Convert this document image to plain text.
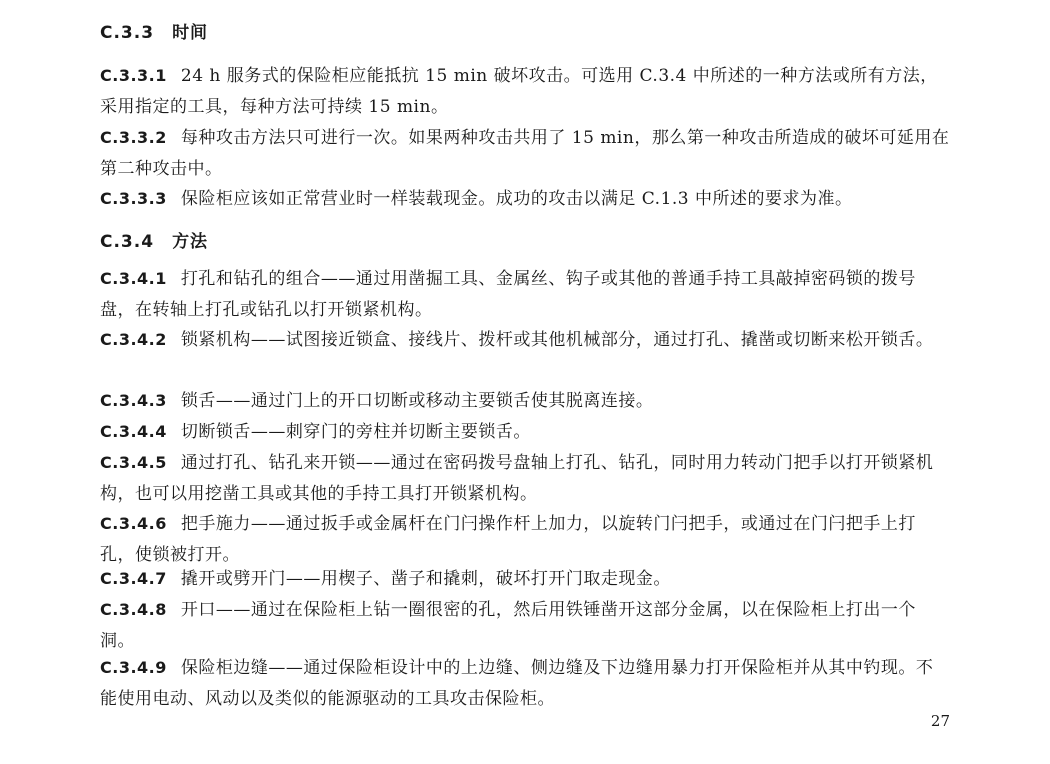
C.3.3 时间
C.3.3.1 24 h 服务式的保险柜应能抵抗 15 min 破坏攻击。可选用 C.3.4 中所述的一种方法或所有方法，采用指定的工具，每种方法可持续 15 min。
C.3.3.2 每种攻击方法只可进行一次。如果两种攻击共用了 15 min，那么第一种攻击所造成的破坏可延用在第二种攻击中。
C.3.3.3 保险柜应该如正常营业时一样装载现金。成功的攻击以满足 C.1.3 中所述的要求为准。
C.3.4 方法
C.3.4.1 打孔和钻孔的组合——通过用凿掘工具、金属丝、钩子或其他的普通手持工具敲掉密码锁的拨号盘，在转轴上打孔或钻孔以打开锁紧机构。
C.3.4.2 锁紧机构——试图接近锁盒、接线片、拨杆或其他机械部分，通过打孔、撬凿或切断来松开锁舌。
C.3.4.3 锁舌——通过门上的开口切断或移动主要锁舌使其脱离连接。
C.3.4.4 切断锁舌——刺穿门的旁柱并切断主要锁舌。
C.3.4.5 通过打孔、钻孔来开锁——通过在密码拨号盘轴上打孔、钻孔，同时用力转动门把手以打开锁紧机构，也可以用挖凿工具或其他的手持工具打开锁紧机构。
C.3.4.6 把手施力——通过扳手或金属杆在门闩操作杆上加力，以旋转门闩把手，或通过在门闩把手上打孔，使锁被打开。
C.3.4.7 撬开或劈开门——用楔子、凿子和撬刺，破坏打开门取走现金。
C.3.4.8 开口——通过在保险柜上钻一圈很密的孔，然后用铁锤凿开这部分金属，以在保险柜上打出一个洞。
C.3.4.9 保险柜边缝——通过保险柜设计中的上边缝、侧边缝及下边缝用暴力打开保险柜并从其中钓现。不能使用电动、风动以及类似的能源驱动的工具攻击保险柜。
27
